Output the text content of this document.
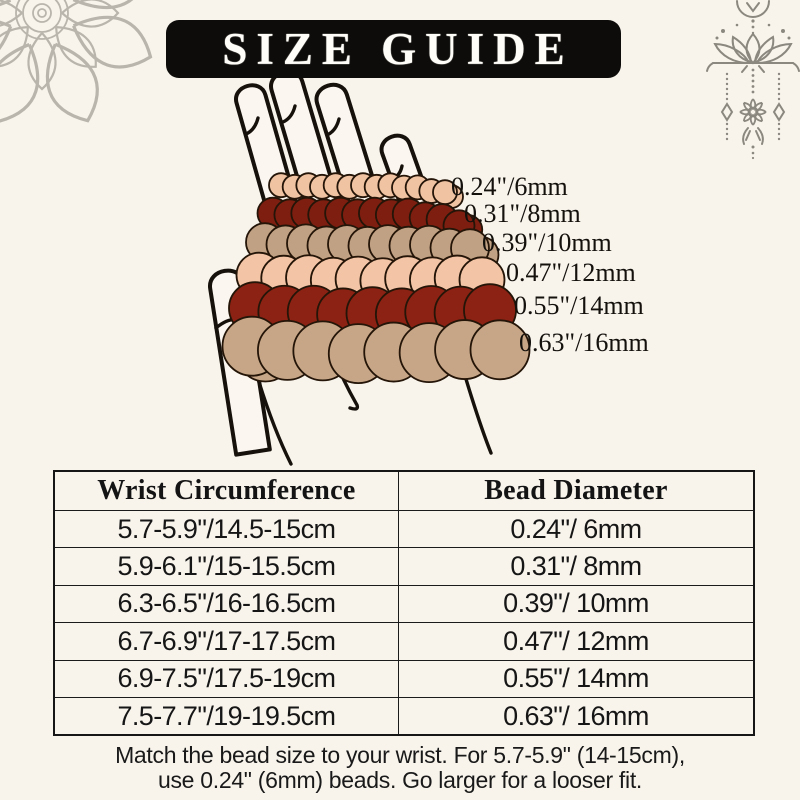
SIZE GUIDE
0.24"/6mm
0.31"/8mm
0.39"/10mm
0.47"/12mm
0.55"/14mm
0.63"/16mm
Wrist Circumference	Bead Diameter
5.7-5.9"/14.5-15cm	0.24"/ 6mm
5.9-6.1"/15-15.5cm	0.31"/ 8mm
6.3-6.5"/16-16.5cm	0.39"/ 10mm
6.7-6.9"/17-17.5cm	0.47"/ 12mm
6.9-7.5"/17.5-19cm	0.55"/ 14mm
7.5-7.7"/19-19.5cm	0.63"/ 16mm
Match the bead size to your wrist. For 5.7-5.9" (14-15cm),
use 0.24" (6mm) beads. Go larger for a looser fit.
